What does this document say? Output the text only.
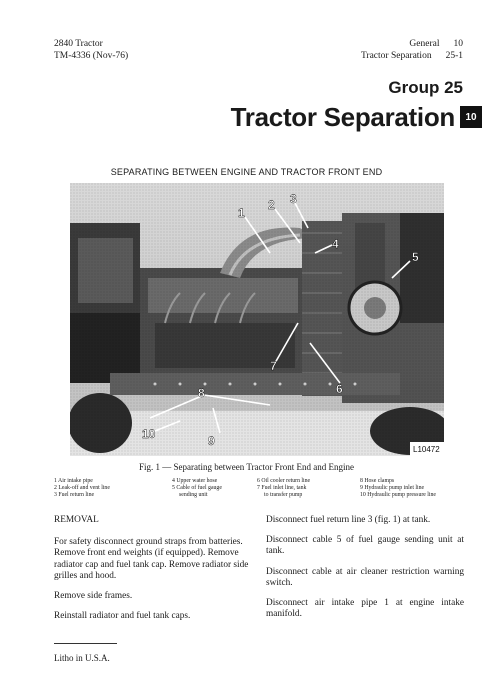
2840 Tractor
TM-4336 (Nov-76)
General 10
Tractor Separation 25-1
Group 25
Tractor Separation	10
SEPARATING BETWEEN ENGINE AND TRACTOR FRONT END
1
2 3
4
5
6
7
8
9
10
L10472
Fig. 1 — Separating between Tractor Front End and Engine
1 Air intake pipe
2 Leak-off and vent line
3 Fuel return line
4 Upper water hose
5 Cable of fuel gauge
sending unit
6 Oil cooler return line
7 Fuel inlet line, tank
to transfer pump
8 Hose clamps
9 Hydraulic pump inlet line
10 Hydraulic pump pressure line

REMOVAL

For safety disconnect ground straps from batteries. Remove front end weights (if equipped). Remove radiator cap and fuel tank cap. Remove radiator side grilles and hood.

Remove side frames.

Reinstall radiator and fuel tank caps.

Disconnect fuel return line 3 (fig. 1) at tank.

Disconnect cable 5 of fuel gauge sending unit at tank.

Disconnect cable at air cleaner restriction warning switch.

Disconnect air intake pipe 1 at engine intake manifold.

Litho in U.S.A.
